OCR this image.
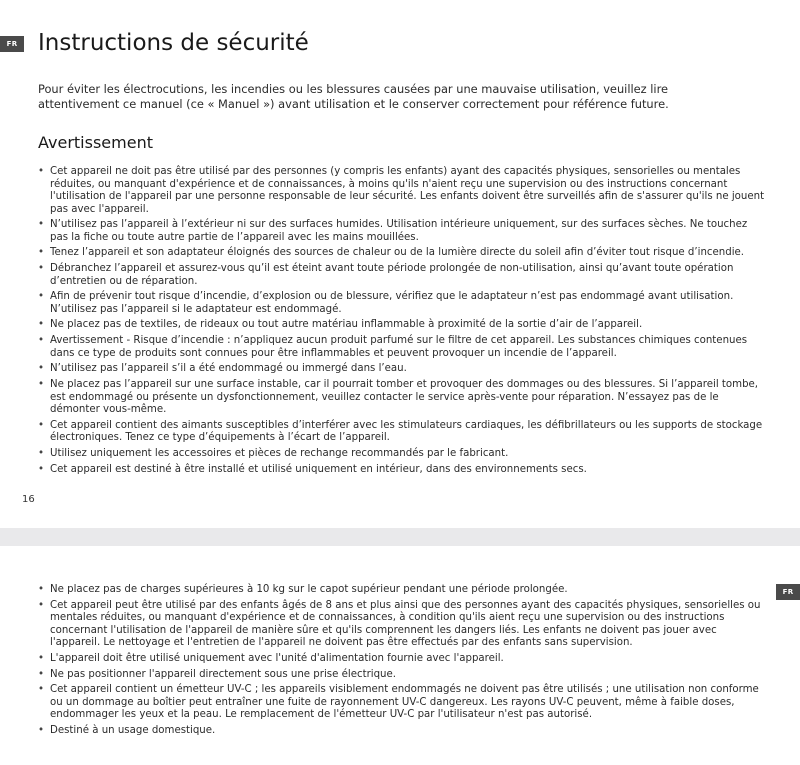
FR Instructions de sécurité

Pour éviter les électrocutions, les incendies ou les blessures causées par une mauvaise utilisation, veuillez lire attentivement ce manuel (ce « Manuel ») avant utilisation et le conserver correctement pour référence future.

Avertissement
• Cet appareil ne doit pas être utilisé par des personnes (y compris les enfants) ayant des capacités physiques, sensorielles ou mentales réduites, ou manquant d'expérience et de connaissances, à moins qu'ils n'aient reçu une supervision ou des instructions concernant l'utilisation de l'appareil par une personne responsable de leur sécurité. Les enfants doivent être surveillés afin de s'assurer qu'ils ne jouent pas avec l'appareil.
• N’utilisez pas l’appareil à l’extérieur ni sur des surfaces humides. Utilisation intérieure uniquement, sur des surfaces sèches. Ne touchez pas la fiche ou toute autre partie de l’appareil avec les mains mouillées.
• Tenez l’appareil et son adaptateur éloignés des sources de chaleur ou de la lumière directe du soleil afin d’éviter tout risque d’incendie.
• Débranchez l’appareil et assurez-vous qu’il est éteint avant toute période prolongée de non-utilisation, ainsi qu’avant toute opération d’entretien ou de réparation.
• Afin de prévenir tout risque d’incendie, d’explosion ou de blessure, vérifiez que le adaptateur n’est pas endommagé avant utilisation. N’utilisez pas l’appareil si le adaptateur est endommagé.
• Ne placez pas de textiles, de rideaux ou tout autre matériau inflammable à proximité de la sortie d’air de l’appareil.
• Avertissement - Risque d’incendie : n’appliquez aucun produit parfumé sur le filtre de cet appareil. Les substances chimiques contenues dans ce type de produits sont connues pour être inflammables et peuvent provoquer un incendie de l’appareil.
• N’utilisez pas l’appareil s’il a été endommagé ou immergé dans l’eau.
• Ne placez pas l’appareil sur une surface instable, car il pourrait tomber et provoquer des dommages ou des blessures. Si l’appareil tombe, est endommagé ou présente un dysfonctionnement, veuillez contacter le service après-vente pour réparation. N’essayez pas de le démonter vous-même.
• Cet appareil contient des aimants susceptibles d’interférer avec les stimulateurs cardiaques, les défibrillateurs ou les supports de stockage électroniques. Tenez ce type d’équipements à l’écart de l’appareil.
• Utilisez uniquement les accessoires et pièces de rechange recommandés par le fabricant.
• Cet appareil est destiné à être installé et utilisé uniquement en intérieur, dans des environnements secs.
16
FR
• Ne placez pas de charges supérieures à 10 kg sur le capot supérieur pendant une période prolongée.
• Cet appareil peut être utilisé par des enfants âgés de 8 ans et plus ainsi que des personnes ayant des capacités physiques, sensorielles ou mentales réduites, ou manquant d'expérience et de connaissances, à condition qu'ils aient reçu une supervision ou des instructions concernant l'utilisation de l'appareil de manière sûre et qu'ils comprennent les dangers liés. Les enfants ne doivent pas jouer avec l'appareil. Le nettoyage et l'entretien de l'appareil ne doivent pas être effectués par des enfants sans supervision.
• L'appareil doit être utilisé uniquement avec l'unité d'alimentation fournie avec l'appareil.
• Ne pas positionner l'appareil directement sous une prise électrique.
• Cet appareil contient un émetteur UV-C ; les appareils visiblement endommagés ne doivent pas être utilisés ; une utilisation non conforme ou un dommage au boîtier peut entraîner une fuite de rayonnement UV-C dangereux. Les rayons UV-C peuvent, même à faible doses, endommager les yeux et la peau. Le remplacement de l'émetteur UV-C par l'utilisateur n'est pas autorisé.
• Destiné à un usage domestique.
